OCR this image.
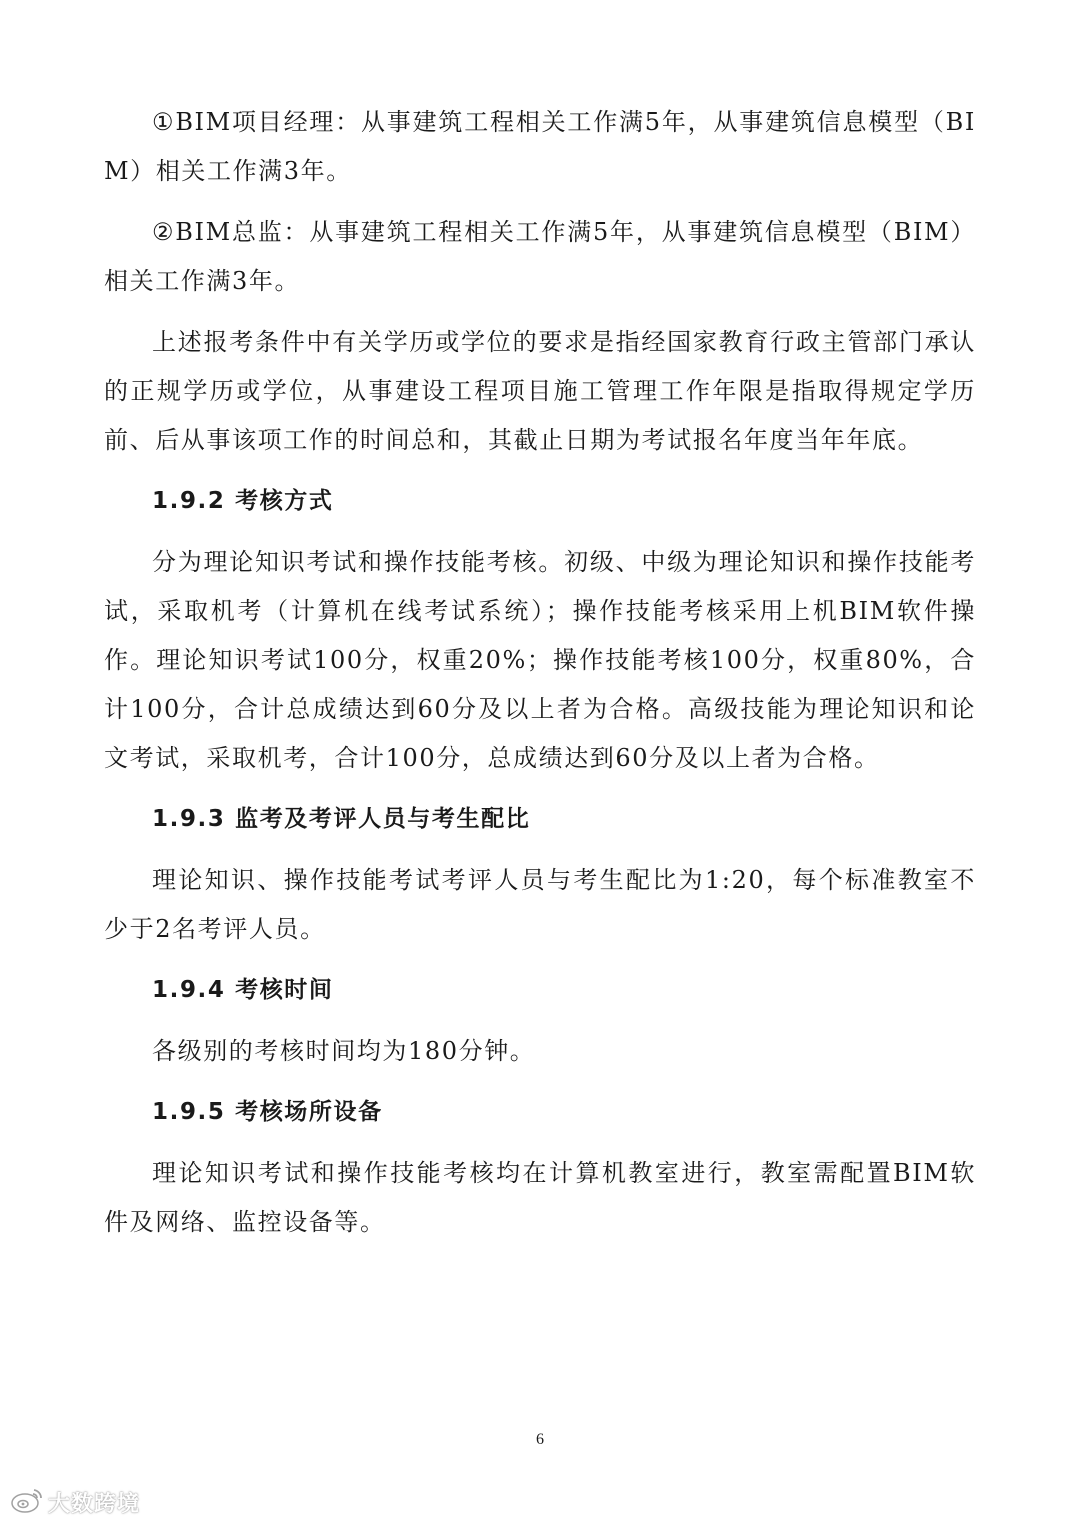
①BIM项目经理：从事建筑工程相关工作满5年，从事建筑信息模型（BIM）相关工作满3年。

②BIM总监：从事建筑工程相关工作满5年，从事建筑信息模型（BIM）相关工作满3年。

上述报考条件中有关学历或学位的要求是指经国家教育行政主管部门承认的正规学历或学位，从事建设工程项目施工管理工作年限是指取得规定学历前、后从事该项工作的时间总和，其截止日期为考试报名年度当年年底。

1.9.2 考核方式

分为理论知识考试和操作技能考核。初级、中级为理论知识和操作技能考试，采取机考（计算机在线考试系统）；操作技能考核采用上机BIM软件操作。理论知识考试100分，权重20%；操作技能考核100分，权重80%，合计100分，合计总成绩达到60分及以上者为合格。高级技能为理论知识和论文考试，采取机考，合计100分，总成绩达到60分及以上者为合格。

1.9.3 监考及考评人员与考生配比

理论知识、操作技能考试考评人员与考生配比为1:20，每个标准教室不少于2名考评人员。

1.9.4 考核时间

各级别的考核时间均为180分钟。

1.9.5 考核场所设备

理论知识考试和操作技能考核均在计算机教室进行，教室需配置BIM软件及网络、监控设备等。

6
大数跨境
